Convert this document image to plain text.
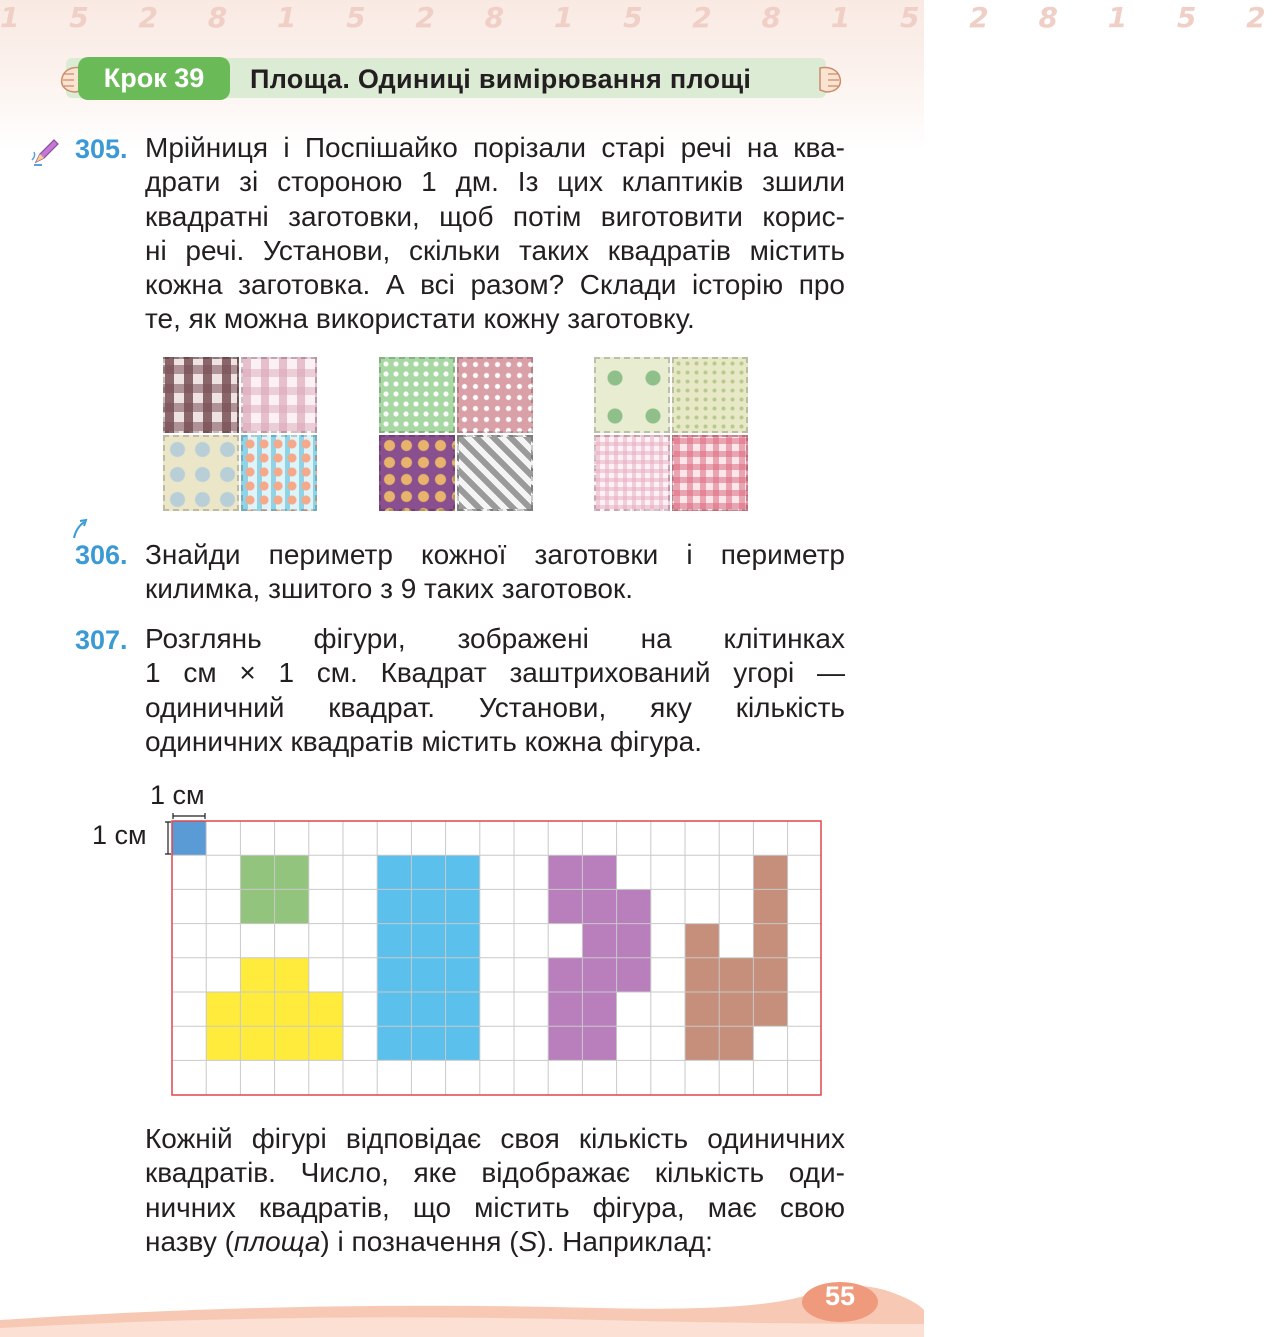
1 5 2 8 1 5 2 8 1 5 2 8 1 5 2 8 1 5 2
Крок 39	Площа. Одиниці вимірювання площі
305. Мрійниця і Поспішайко порізали старі речі на ква-
драти зі стороною 1 дм. Із цих клаптиків зшили
квадратні заготовки, щоб потім виготовити корис-
ні речі. Установи, скільки таких квадратів містить
кожна заготовка. А всі разом? Склади історію про
те, як можна використати кожну заготовку.
306. Знайди периметр кожної заготовки і периметр
килимка, зшитого з 9 таких заготовок.
307. Розглянь фігури, зображені на клітинках
1 см × 1 см. Квадрат заштрихований угорі —
одиничний квадрат. Установи, яку кількість
одиничних квадратів містить кожна фігура.
1 см
1 см
Кожній фігурі відповідає своя кількість одиничних
квадратів. Число, яке відображає кількість оди-
ничних квадратів, що містить фігура, має свою
назву (площа) і позначення (S). Наприклад:
55
